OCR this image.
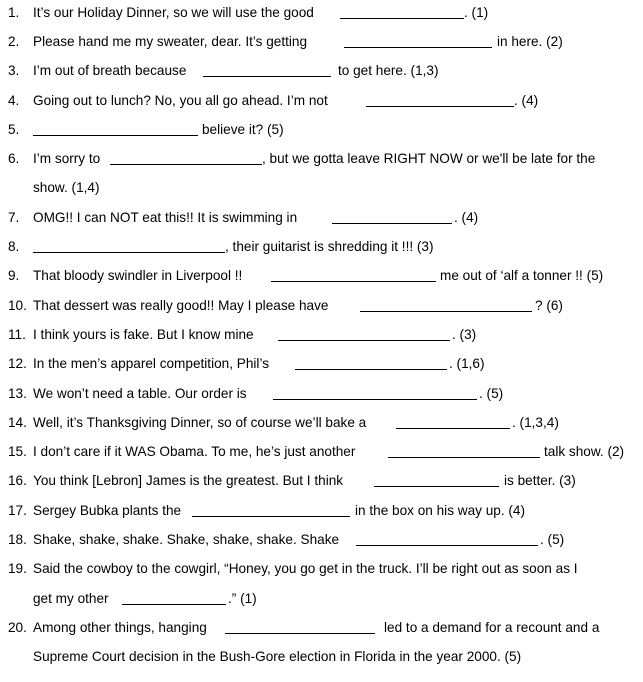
1. It’s our Holiday Dinner, so we will use the good	. (1)
2. Please hand me my sweater, dear. It’s getting	in here. (2)
3. I’m out of breath because	to get here. (1,3)
4. Going out to lunch? No, you all go ahead. I’m not	. (4)
5.	believe it? (5)
6. I’m sorry to	, but we gotta leave RIGHT NOW or we'll be late for the
show. (1,4)
7. OMG!! I can NOT eat this!! It is swimming in	. (4)
8.	, their guitarist is shredding it !!! (3)
9. That bloody swindler in Liverpool !!	me out of ‘alf a tonner !! (5)
10. That dessert was really good!! May I please have	? (6)
11. I think yours is fake. But I know mine	. (3)
12. In the men’s apparel competition, Phil’s	. (1,6)
13. We won’t need a table. Our order is	. (5)
14. Well, it’s Thanksgiving Dinner, so of course we’ll bake a	. (1,3,4)
15. I don’t care if it WAS Obama. To me, he’s just another	talk show. (2)
16. You think [Lebron] James is the greatest. But I think	is better. (3)
17. Sergey Bubka plants the	in the box on his way up. (4)
18. Shake, shake, shake. Shake, shake, shake. Shake	. (5)
19. Said the cowboy to the cowgirl, “Honey, you go get in the truck. I’ll be right out as soon as I
get my other	.” (1)
20. Among other things, hanging	led to a demand for a recount and a
Supreme Court decision in the Bush-Gore election in Florida in the year 2000. (5)
